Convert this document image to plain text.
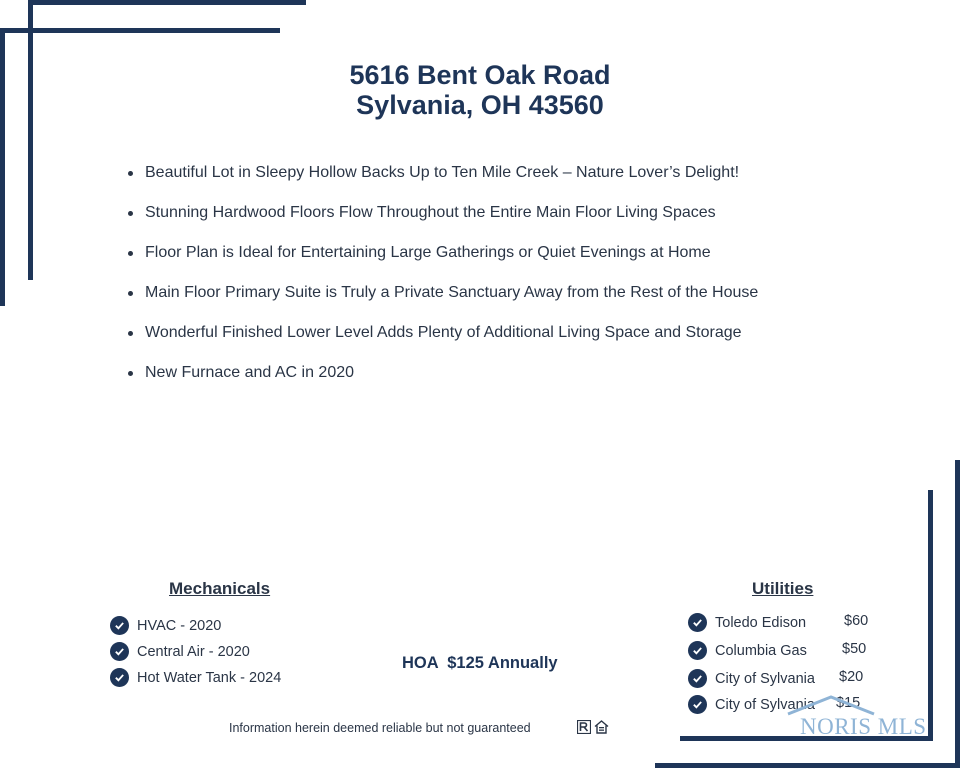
5616 Bent Oak Road
Sylvania, OH 43560
Beautiful Lot in Sleepy Hollow Backs Up to Ten Mile Creek – Nature Lover’s Delight!
Stunning Hardwood Floors Flow Throughout the Entire Main Floor Living Spaces
Floor Plan is Ideal for Entertaining Large Gatherings or Quiet Evenings at Home
Main Floor Primary Suite is Truly a Private Sanctuary Away from the Rest of the House
Wonderful Finished Lower Level Adds Plenty of Additional Living Space and Storage
New Furnace and AC in 2020
Mechanicals
HVAC - 2020
Central Air - 2020
Hot Water Tank - 2024
HOA  $125 Annually
Utilities
Toledo Edison	$60
Columbia Gas $50
City of Sylvania $20
City of Sylvania $15
Information herein deemed reliable but not guaranteed	NORIS MLS
